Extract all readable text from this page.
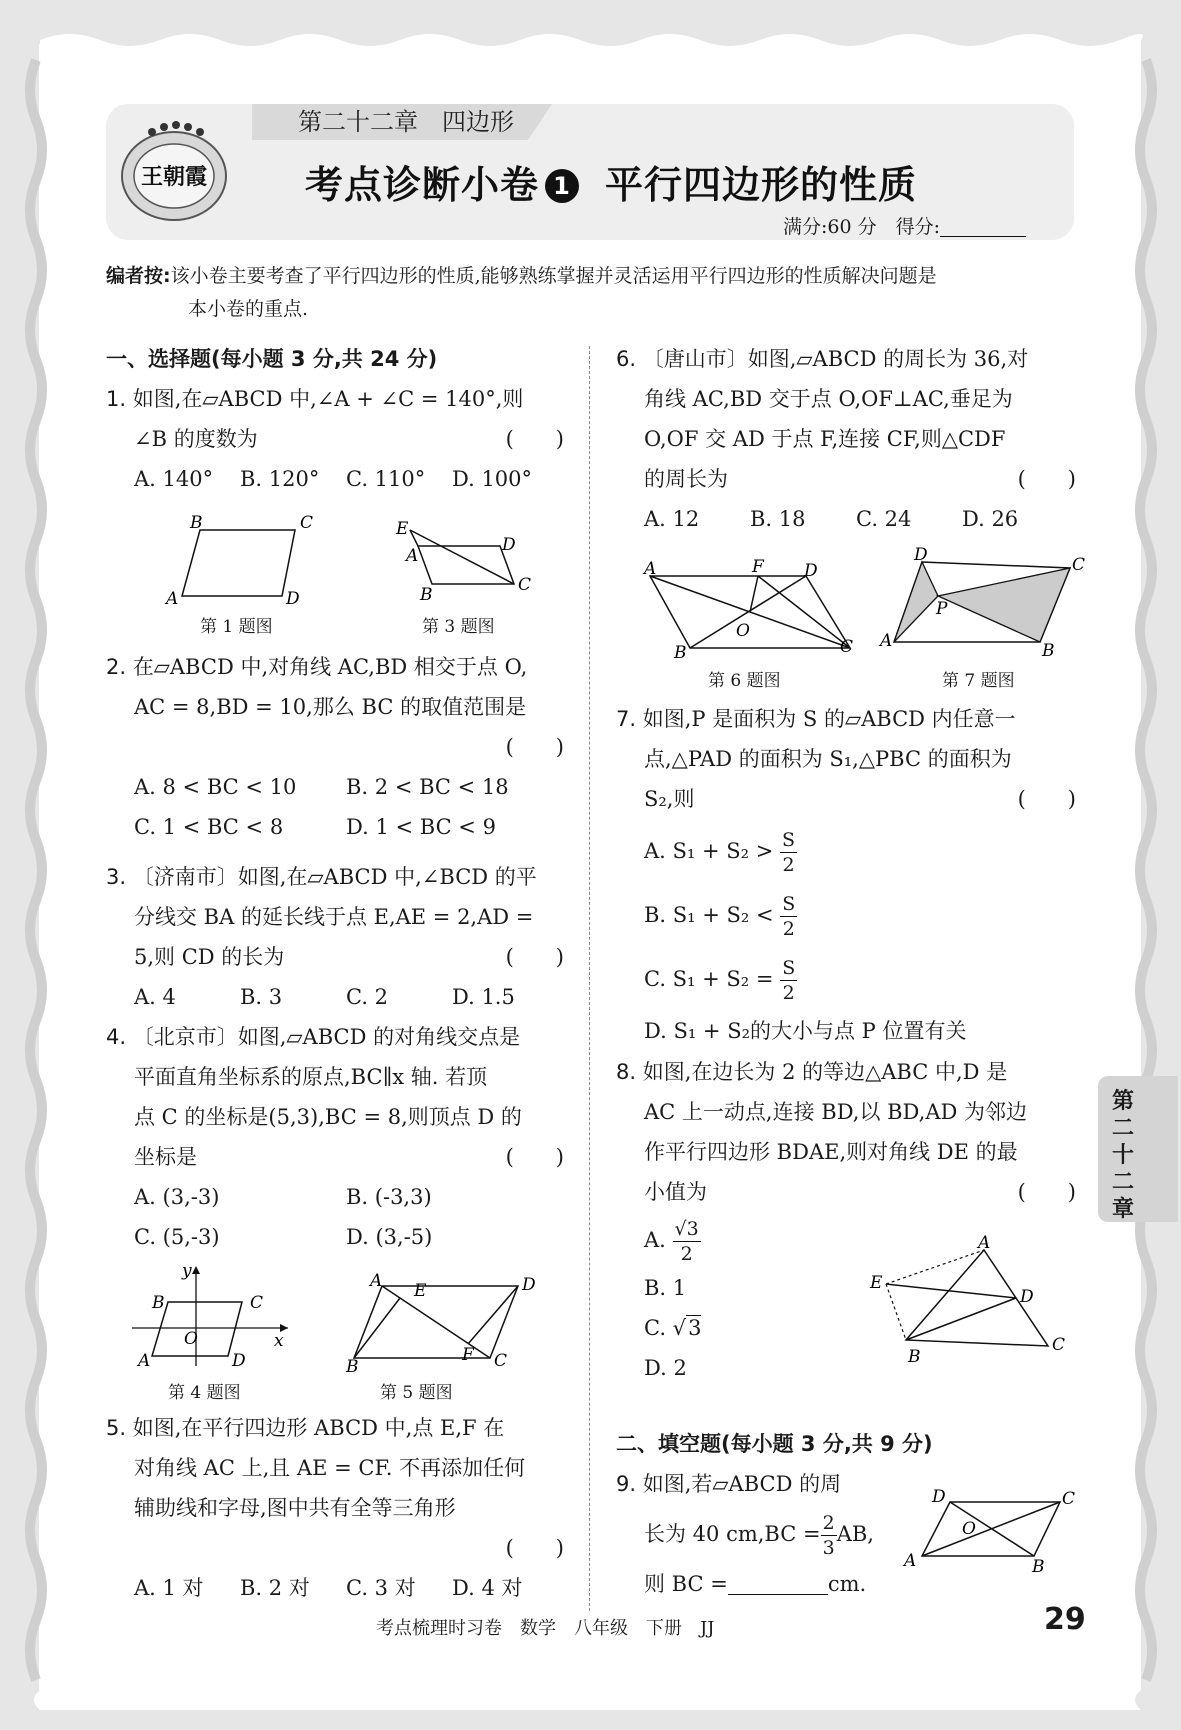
第二十二章　四边形
王朝霞	考点诊断小卷 1 平行四边形的性质
满分:60 分　得分:
编者按:该小卷主要考查了平行四边形的性质,能够熟练掌握并灵活运用平行四边形的性质解决问题是
本小卷的重点.
一、选择题(每小题 3 分,共 24 分)
1. 如图,在▱ABCD 中,∠A + ∠C = 140°,则
∠B 的度数为	(　　)
A. 140° B. 120° C. 110° D. 100°
B	C
A	D
第 1 题图
E
A
D
C
B
第 3 题图
2. 在▱ABCD 中,对角线 AC,BD 相交于点 O,
AC = 8,BD = 10,那么 BC 的取值范围是
(　　)
A. 8 < BC < 10 B. 2 < BC < 18
C. 1 < BC < 8	D. 1 < BC < 9
3. 〔济南市〕如图,在▱ABCD 中,∠BCD 的平
分线交 BA 的延长线于点 E,AE = 2,AD =
5,则 CD 的长为	(　　)
A. 4	B. 3	C. 2	D. 1.5
4. 〔北京市〕如图,▱ABCD 的对角线交点是
平面直角坐标系的原点,BC∥x 轴. 若顶
点 C 的坐标是(5,3),BC = 8,则顶点 D 的
坐标是	(　　)
A. (3,-3)	B. (-3,3)
C. (5,-3)	D. (3,-5)
B	C
A	D
O	x
y
第 4 题图
A	D
B	C
E
F
第 5 题图
5. 如图,在平行四边形 ABCD 中,点 E,F 在
对角线 AC 上,且 AE = CF. 不再添加任何
辅助线和字母,图中共有全等三角形
(　　)
A. 1 对 B. 2 对 C. 3 对 D. 4 对
6. 〔唐山市〕如图,▱ABCD 的周长为 36,对
角线 AC,BD 交于点 O,OF⊥AC,垂足为
O,OF 交 AD 于点 F,连接 CF,则△CDF
的周长为	(　　)
A. 12 B. 18 C. 24 D. 26
A	F D
O
B	C
第 6 题图
D	C
P
A	B
第 7 题图
7. 如图,P 是面积为 S 的▱ABCD 内任意一
点,△PAD 的面积为 S₁,△PBC 的面积为
S₂,则	(　　)
A. $S_1 + S_2 > \frac{S}{2}$
B. $S_1 + S_2 < \frac{S}{2}$
C. $S_1 + S_2 = \frac{S}{2}$
D. S₁ + S₂的大小与点 P 位置有关
8. 如图,在边长为 2 的等边△ABC 中,D 是
AC 上一动点,连接 BD,以 BD,AD 为邻边
作平行四边形 BDAE,则对角线 DE 的最
小值为	(　　)
A. $\frac{√3}{2}$
B. 1
C. √3
D. 2
A
E
D
C
B
二、填空题(每小题 3 分,共 9 分)
9. 如图,若▱ABCD 的周
长为 40 $cm,BC = \frac{2}{3}$ AB,
则 BC =	cm.
D	C
O
A	B
第二十二章
考点梳理时习卷　数学　八年级　下册　JJ	29
